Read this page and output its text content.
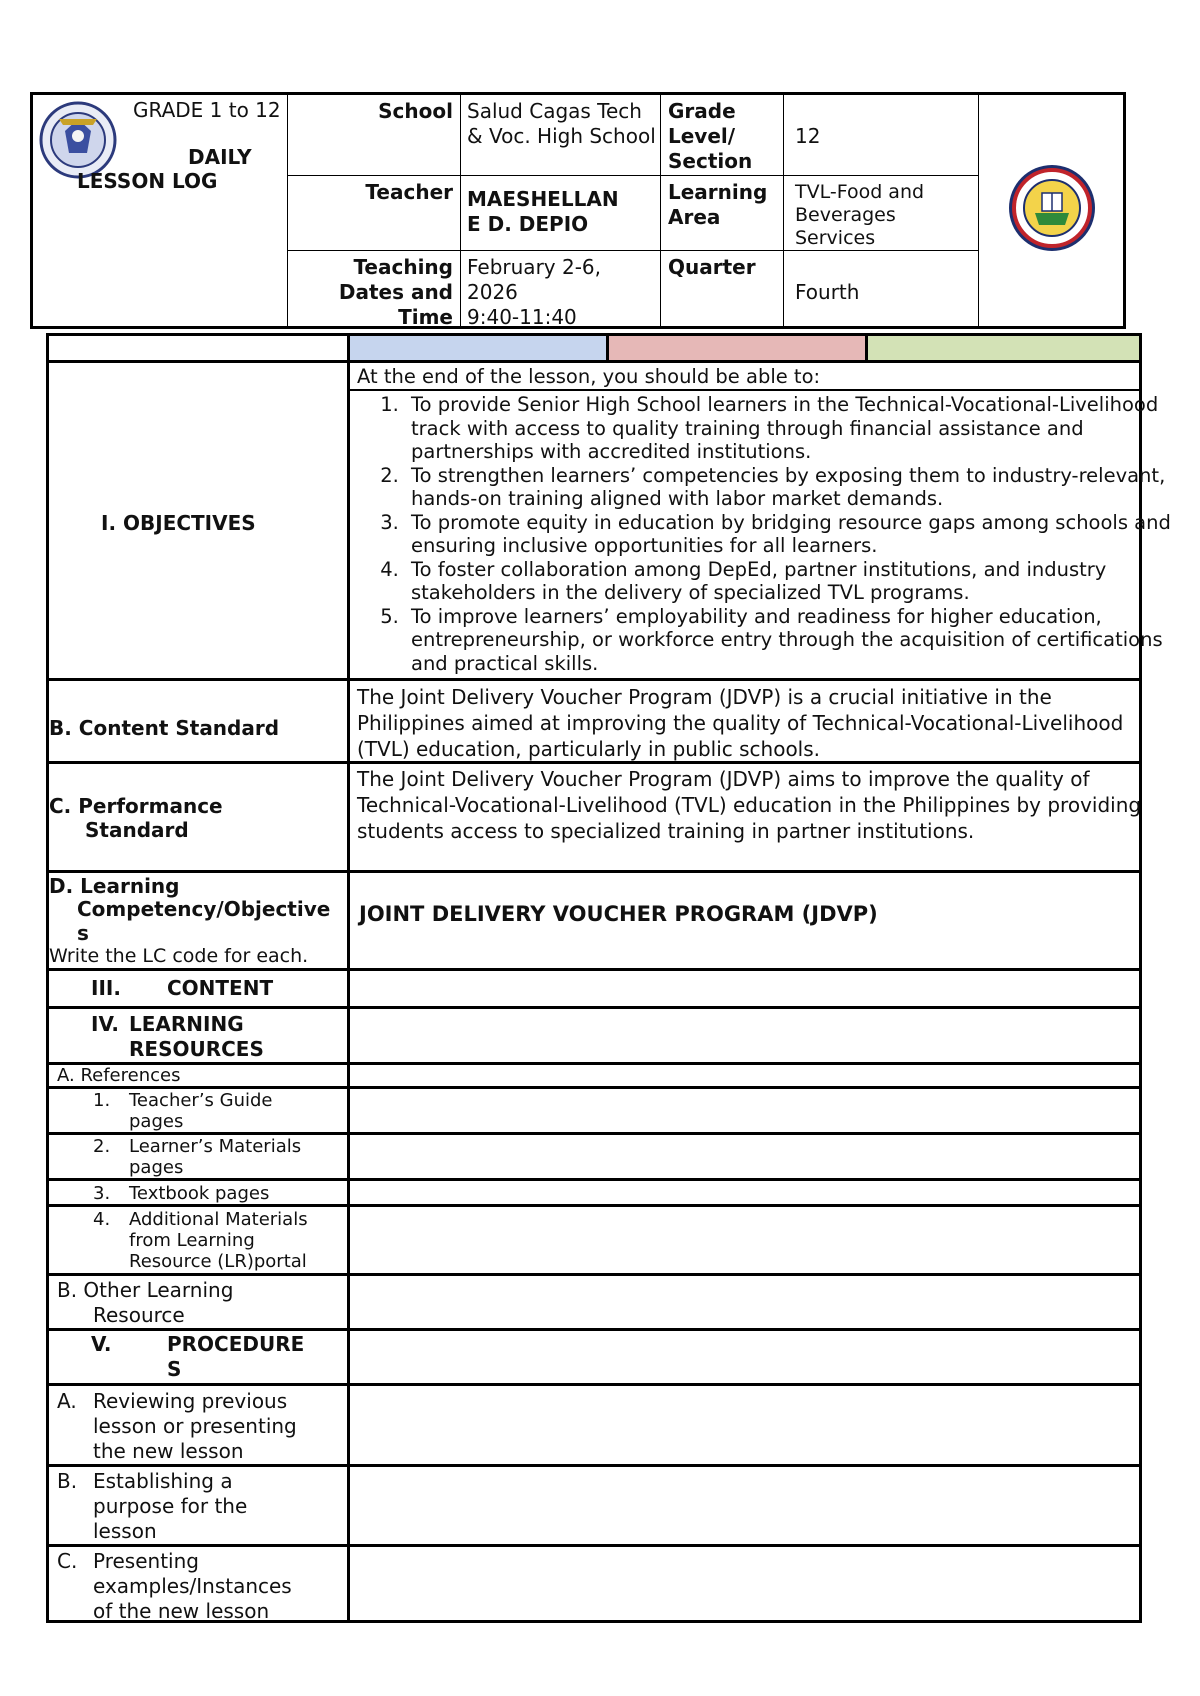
GRADE 1 to 12
DAILY
LESSON LOG
School Salud Cagas Tech & Voc. High School
Grade Level/ Section
12
Teacher MAESHELLANE D. DEPIO
Learning Area
TVL-Food and Beverages Services
Teaching Dates and Time
February 2-6, 2026
9:40-11:40
Quarter
Fourth
I. OBJECTIVES
At the end of the lesson, you should be able to:
1. To provide Senior High School learners in the Technical-Vocational-Livelihood track with access to quality training through financial assistance and partnerships with accredited institutions.
2. To strengthen learners’ competencies by exposing them to industry-relevant, hands-on training aligned with labor market demands.
3. To promote equity in education by bridging resource gaps among schools and ensuring inclusive opportunities for all learners.
4. To foster collaboration among DepEd, partner institutions, and industry stakeholders in the delivery of specialized TVL programs.
5. To improve learners’ employability and readiness for higher education, entrepreneurship, or workforce entry through the acquisition of certifications and practical skills.
B. Content Standard
The Joint Delivery Voucher Program (JDVP) is a crucial initiative in the Philippines aimed at improving the quality of Technical-Vocational-Livelihood (TVL) education, particularly in public schools.
C. Performance
Standard
The Joint Delivery Voucher Program (JDVP) aims to improve the quality of Technical-Vocational-Livelihood (TVL) education in the Philippines by providing students access to specialized training in partner institutions.
D. Learning
Competency/Objective
s
Write the LC code for each.
JOINT DELIVERY VOUCHER PROGRAM (JDVP)
III. CONTENT
IV. LEARNING
RESOURCES
A. References
1. Teacher’s Guide
pages
2. Learner’s Materials
pages
3. Textbook pages
4. Additional Materials
from Learning
Resource (LR)portal
B. Other Learning
Resource
V.	PROCEDURE
S
A. Reviewing previous
lesson or presenting
the new lesson
B. Establishing a
purpose for the
lesson
C. Presenting
examples/Instances
of the new lesson
